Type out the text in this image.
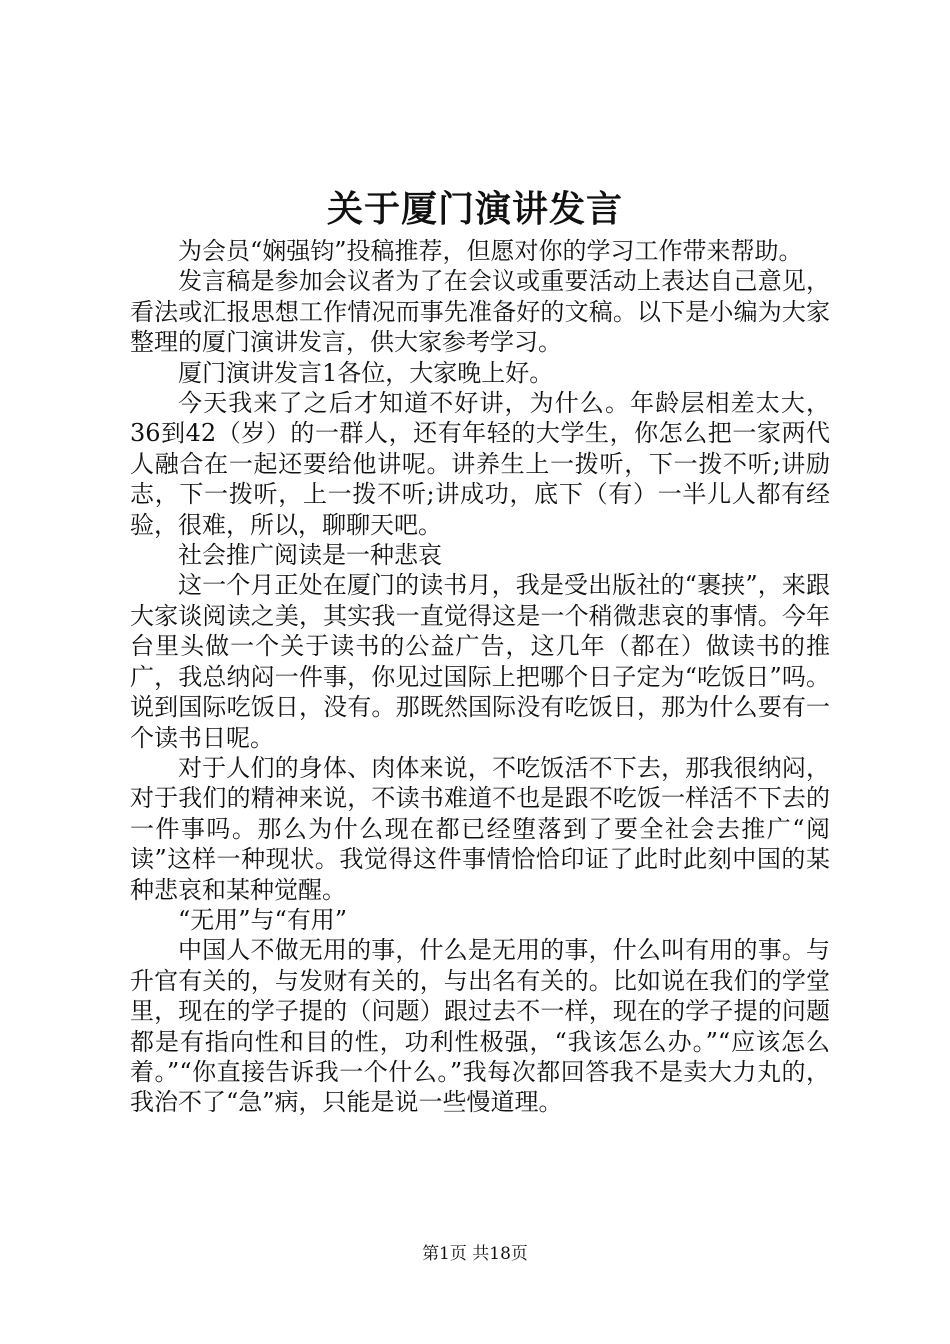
关于厦门演讲发言

为会员“娴强钧”投稿推荐，但愿对你的学习工作带来帮助。

发言稿是参加会议者为了在会议或重要活动上表达自己意见，看法或汇报思想工作情况而事先准备好的文稿。以下是小编为大家整理的厦门演讲发言，供大家参考学习。

厦门演讲发言1各位，大家晚上好。

今天我来了之后才知道不好讲，为什么。年龄层相差太大，36到42（岁）的一群人，还有年轻的大学生，你怎么把一家两代人融合在一起还要给他讲呢。讲养生上一拨听，下一拨不听;讲励志，下一拨听，上一拨不听;讲成功，底下（有）一半儿人都有经验，很难，所以，聊聊天吧。

社会推广阅读是一种悲哀

这一个月正处在厦门的读书月，我是受出版社的“裹挟”，来跟大家谈阅读之美，其实我一直觉得这是一个稍微悲哀的事情。今年台里头做一个关于读书的公益广告，这几年（都在）做读书的推广，我总纳闷一件事，你见过国际上把哪个日子定为“吃饭日”吗。说到国际吃饭日，没有。那既然国际没有吃饭日，那为什么要有一个读书日呢。

对于人们的身体、肉体来说，不吃饭活不下去，那我很纳闷，对于我们的精神来说，不读书难道不也是跟不吃饭一样活不下去的一件事吗。那么为什么现在都已经堕落到了要全社会去推广“阅读”这样一种现状。我觉得这件事情恰恰印证了此时此刻中国的某种悲哀和某种觉醒。

“无用”与“有用”

中国人不做无用的事，什么是无用的事，什么叫有用的事。与升官有关的，与发财有关的，与出名有关的。比如说在我们的学堂里，现在的学子提的（问题）跟过去不一样，现在的学子提的问题都是有指向性和目的性，功利性极强，“我该怎么办。”“应该怎么着。”“你直接告诉我一个什么。”我每次都回答我不是卖大力丸的，我治不了“急”病，只能是说一些慢道理。

第1页 共18页
